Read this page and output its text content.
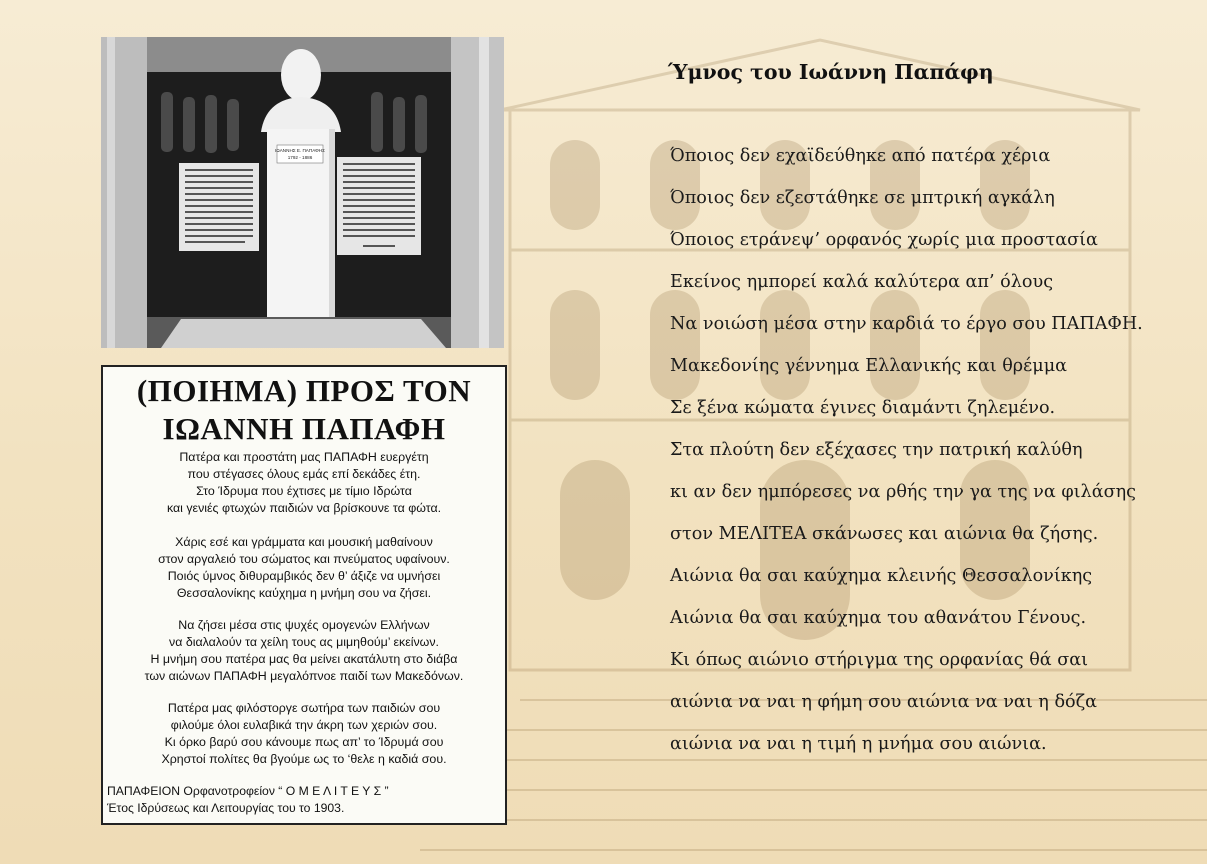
ΙΩΑΝΝΗΣ Ε. ΠΑΠΑΦΗΣ
1792 - 1886
(ΠΟΙΗΜΑ) ΠΡΟΣ ΤΟΝ
ΙΩΑΝΝΗ ΠΑΠΑΦΗ
Πατέρα και προστάτη μας ΠΑΠΑΦΗ ευεργέτη
που στέγασες όλους εμάς επί δεκάδες έτη.
Στο Ίδρυμα που έχτισες με τίμιο Ιδρώτα
και γενιές φτωχών παιδιών να βρίσκουνε τα φώτα.
Χάρις εσέ και γράμματα και μουσική μαθαίνουν
στον αργαλειό του σώματος και πνεύματος υφαίνουν.
Ποιός ύμνος διθυραμβικός δεν θ’ άξιζε να υμνήσει
Θεσσαλονίκης καύχημα η μνήμη σου να ζήσει.
Να ζήσει μέσα στις ψυχές ομογενών Ελλήνων
να διαλαλούν τα χείλη τους ας μιμηθούμ’ εκείνων.
Η μνήμη σου πατέρα μας θα μείνει ακατάλυτη στο διάβα
των αιώνων ΠΑΠΑΦΗ μεγαλόπνοε παιδί των Μακεδόνων.
Πατέρα μας φιλόστοργε σωτήρα των παιδιών σου
φιλούμε όλοι ευλαβικά την άκρη των χεριών σου.
Κι όρκο βαρύ σου κάνουμε πως απ’ το Ίδρυμά σου
Χρηστοί πολίτες θα βγούμε ως το ‘θελε η καδιά σου.
ΠΑΠΑΦΕΙΟΝ Ορφανοτροφείον “ Ο Μ Ε Λ Ι Τ Ε Υ Σ ”
Έτος Ιδρύσεως και Λειτουργίας του το 1903.
Ύμνος του Ιωάννη Παπάφη
Όποιος δεν εχαϊδεύθηκε από πατέρα χέρια
Όποιος δεν εζεστάθηκε σε μπτρική αγκάλη
Όποιος ετράνεψ’ ορφανός χωρίς μια προστασία
Εκείνος ημπορεί καλά καλύτερα απ’ όλους
Να νοιώση μέσα στην καρδιά το έργο σου ΠΑΠΑΦΗ.
Μακεδονίης γέννημα Ελλανικής και θρέμμα
Σε ξένα κώματα έγινες διαμάντι ζηλεμένο.
Στα πλούτη δεν εξέχασες την πατρική καλύθη
κι αν δεν ημπόρεσες να ρθής την γα της να φιλάσης
στον ΜΕΛΙΤΕΑ σκάνωσες και αιώνια θα ζήσης.
Αιώνια θα σαι καύχημα κλεινής Θεσσαλονίκης
Αιώνια θα σαι καύχημα του αθανάτου Γένους.
Κι όπως αιώνιο στήριγμα της ορφανίας θά σαι
αιώνια να ναι η φήμη σου αιώνια να ναι η δόζα
αιώνια να ναι η τιμή η μνήμα σου αιώνια.
